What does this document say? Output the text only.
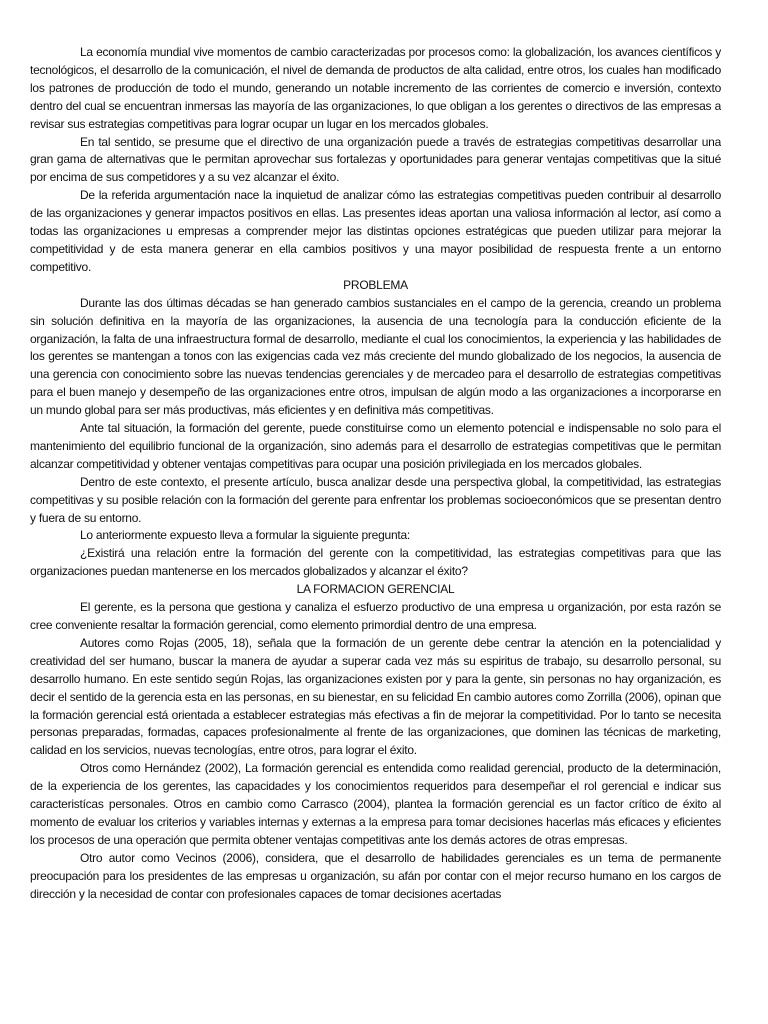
La economía mundial vive momentos de cambio caracterizadas por procesos como: la globalización, los avances científicos y tecnológicos, el desarrollo de la comunicación, el nivel de demanda de productos de alta calidad, entre otros, los cuales han modificado los patrones de producción de todo el mundo, generando un notable incremento de las corrientes de comercio e inversión, contexto dentro del cual se encuentran inmersas las mayoría de las organizaciones, lo que obligan a los gerentes o directivos de las empresas a revisar sus estrategias competitivas para lograr ocupar un lugar en los mercados globales.

En tal sentido, se presume que el directivo de una organización puede a través de estrategias competitivas desarrollar una gran gama de alternativas que le permitan aprovechar sus fortalezas y oportunidades para generar ventajas competitivas que la situé por encima de sus competidores y a su vez alcanzar el éxito.

De la referida argumentación nace la inquietud de analizar cómo las estrategias competitivas pueden contribuir al desarrollo de las organizaciones y generar impactos positivos en ellas. Las presentes ideas aportan una valiosa información al lector, así como a todas las organizaciones u empresas a comprender mejor las distintas opciones estratégicas que pueden utilizar para mejorar la competitividad y de esta manera generar en ella cambios positivos y una mayor posibilidad de respuesta frente a un entorno competitivo.

PROBLEMA

Durante las dos últimas décadas se han generado cambios sustanciales en el campo de la gerencia, creando un problema sin solución definitiva en la mayoría de las organizaciones, la ausencia de una tecnología para la conducción eficiente de la organización, la falta de una infraestructura formal de desarrollo, mediante el cual los conocimientos, la experiencia y las habilidades de los gerentes se mantengan a tonos con las exigencias cada vez más creciente del mundo globalizado de los negocios, la ausencia de una gerencia con conocimiento sobre las nuevas tendencias gerenciales y de mercadeo para el desarrollo de estrategias competitivas para el buen manejo y desempeño de las organizaciones entre otros, impulsan de algún modo a las organizaciones a incorporarse en un mundo global para ser más productivas, más eficientes y en definitiva más competitivas.

Ante tal situación, la formación del gerente, puede constituirse como un elemento potencial e indispensable no solo para el mantenimiento del equilibrio funcional de la organización, sino además para el desarrollo de estrategias competitivas que le permitan alcanzar competitividad y obtener ventajas competitivas para ocupar una posición privilegiada en los mercados globales.

Dentro de este contexto, el presente artículo, busca analizar desde una perspectiva global, la competitividad, las estrategias competitivas y su posible relación con la formación del gerente para enfrentar los problemas socioeconómicos que se presentan dentro y fuera de su entorno.

Lo anteriormente expuesto lleva a formular la siguiente pregunta:

¿Existirá una relación entre la formación del gerente con la competitividad, las estrategias competitivas para que las organizaciones puedan mantenerse en los mercados globalizados y alcanzar el éxito?

LA FORMACION GERENCIAL

El gerente, es la persona que gestiona y canaliza el esfuerzo productivo de una empresa u organización, por esta razón se cree conveniente resaltar la formación gerencial, como elemento primordial dentro de una empresa.

Autores como Rojas (2005, 18), señala que la formación de un gerente debe centrar la atención en la potencialidad y creatividad del ser humano, buscar la manera de ayudar a superar cada vez más su espiritus de trabajo, su desarrollo personal, su desarrollo humano. En este sentido según Rojas, las organizaciones existen por y para la gente, sin personas no hay organización, es decir el sentido de la gerencia esta en las personas, en su bienestar, en su felicidad En cambio autores como Zorrilla (2006), opinan que la formación gerencial está orientada a establecer estrategias más efectivas a fin de mejorar la competitividad. Por lo tanto se necesita personas preparadas, formadas, capaces profesionalmente al frente de las organizaciones, que dominen las técnicas de marketing, calidad en los servicios, nuevas tecnologías, entre otros, para lograr el éxito.

Otros como Hernández (2002), La formación gerencial es entendida como realidad gerencial, producto de la determinación, de la experiencia de los gerentes, las capacidades y los conocimientos requeridos para desempeñar el rol gerencial e indicar sus caracteristícas personales. Otros en cambio como Carrasco (2004), plantea la formación gerencial es un factor crítico de éxito al momento de evaluar los criterios y variables internas y externas a la empresa para tomar decisiones hacerlas más eficaces y eficientes los procesos de una operación que permita obtener ventajas competitivas ante los demás actores de otras empresas.

Otro autor como Vecinos (2006), considera, que el desarrollo de habilidades gerenciales es un tema de permanente preocupación para los presidentes de las empresas u organización, su afán por contar con el mejor recurso humano en los cargos de dirección y la necesidad de contar con profesionales capaces de tomar decisiones acertadas
